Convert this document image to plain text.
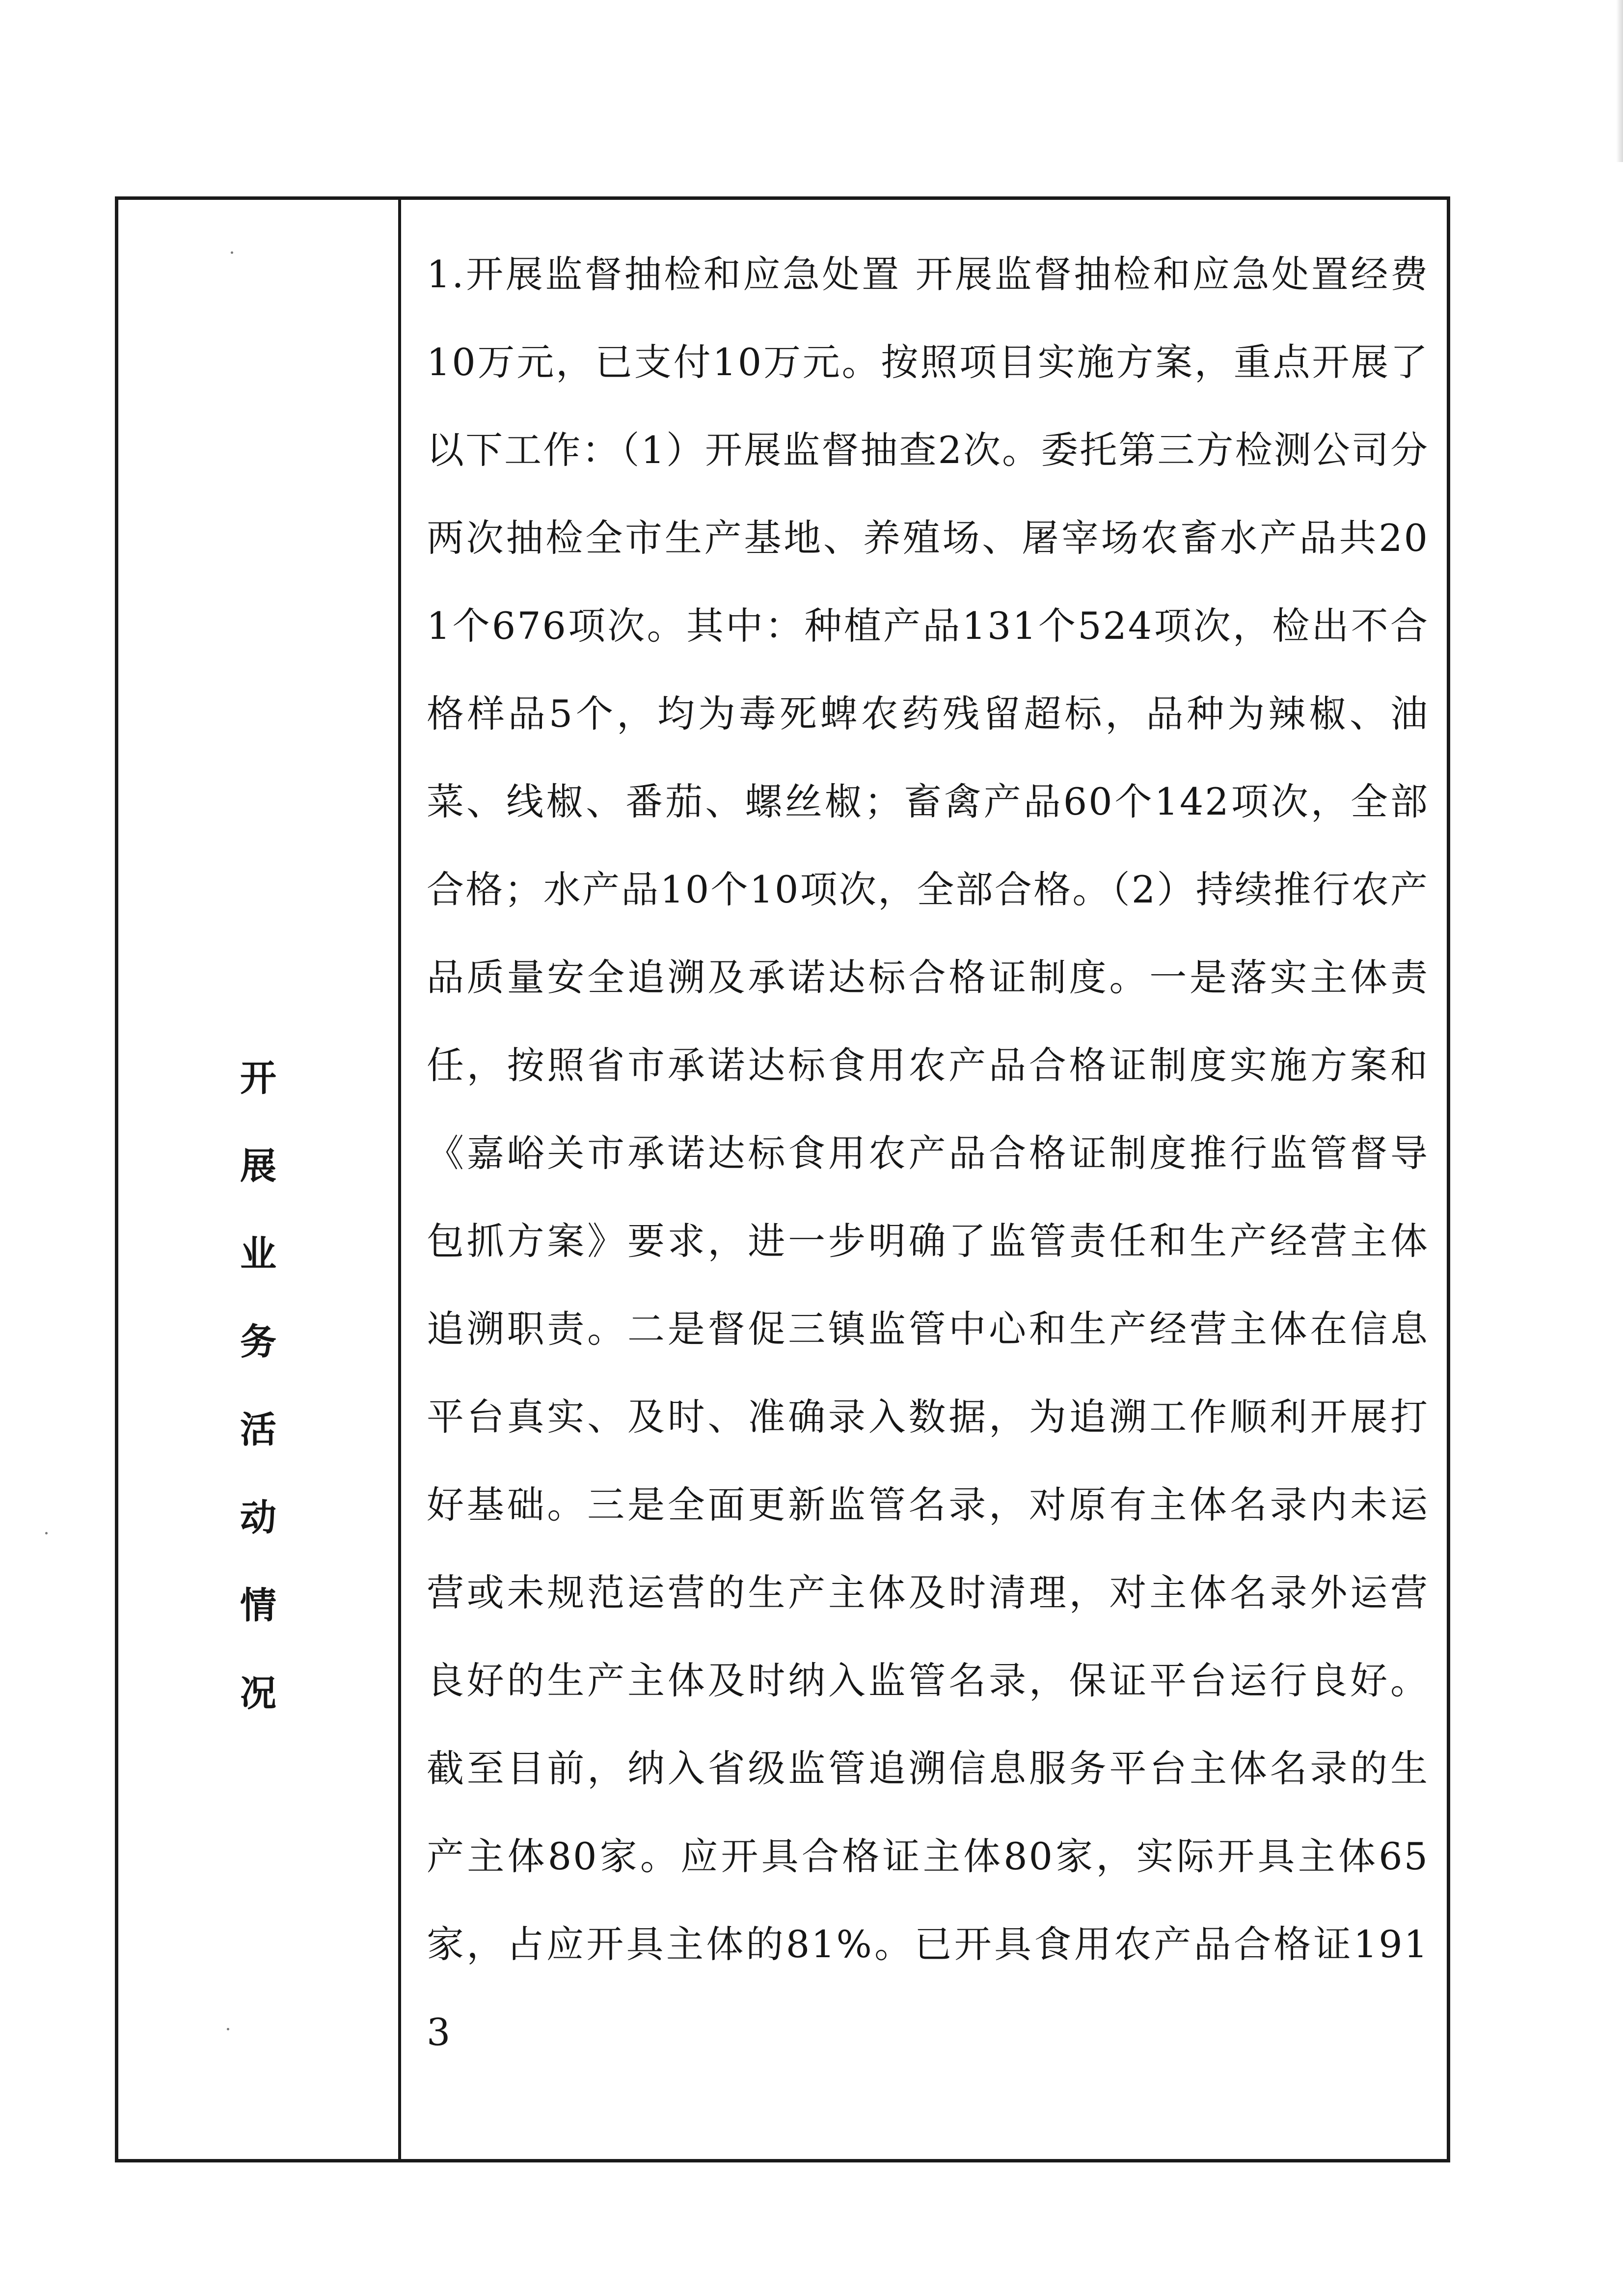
开
展
业
务
活
动
情
况

1.开展监督抽检和应急处置 开展监督抽检和应急处置经费10万元，已支付10万元。按照项目实施方案，重点开展了以下工作：（1）开展监督抽查2次。委托第三方检测公司分两次抽检全市生产基地、养殖场、屠宰场农畜水产品共201个676项次。其中：种植产品131个524项次，检出不合格样品5个，均为毒死蜱农药残留超标，品种为辣椒、油菜、线椒、番茄、螺丝椒；畜禽产品60个142项次，全部合格；水产品10个10项次，全部合格。（2）持续推行农产品质量安全追溯及承诺达标合格证制度。一是落实主体责任，按照省市承诺达标食用农产品合格证制度实施方案和《嘉峪关市承诺达标食用农产品合格证制度推行监管督导包抓方案》要求，进一步明确了监管责任和生产经营主体追溯职责。二是督促三镇监管中心和生产经营主体在信息平台真实、及时、准确录入数据，为追溯工作顺利开展打好基础。三是全面更新监管名录，对原有主体名录内未运营或未规范运营的生产主体及时清理，对主体名录外运营良好的生产主体及时纳入监管名录，保证平台运行良好。截至目前，纳入省级监管追溯信息服务平台主体名录的生产主体80家。应开具合格证主体80家，实际开具主体65家，占应开具主体的81%。已开具食用农产品合格证1913
